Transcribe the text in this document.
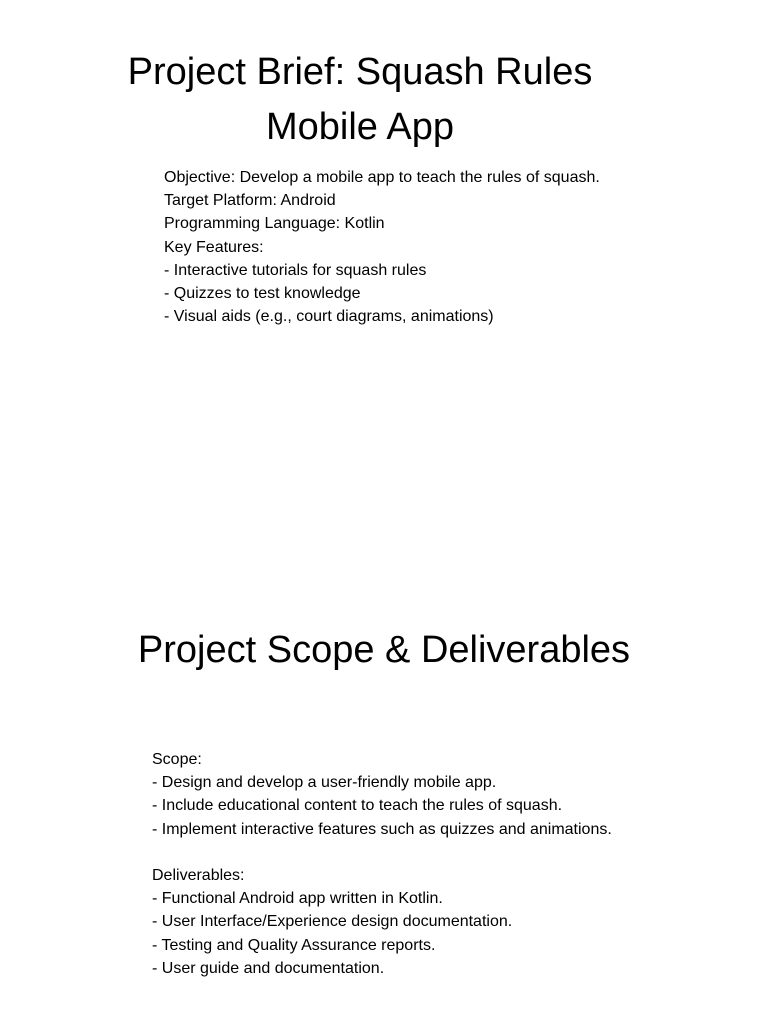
Project Brief: Squash Rules
Mobile App
Objective: Develop a mobile app to teach the rules of squash.
Target Platform: Android
Programming Language: Kotlin
Key Features:
- Interactive tutorials for squash rules
- Quizzes to test knowledge
- Visual aids (e.g., court diagrams, animations)
Project Scope & Deliverables
Scope:
- Design and develop a user-friendly mobile app.
- Include educational content to teach the rules of squash.
- Implement interactive features such as quizzes and animations.
Deliverables:
- Functional Android app written in Kotlin.
- User Interface/Experience design documentation.
- Testing and Quality Assurance reports.
- User guide and documentation.
